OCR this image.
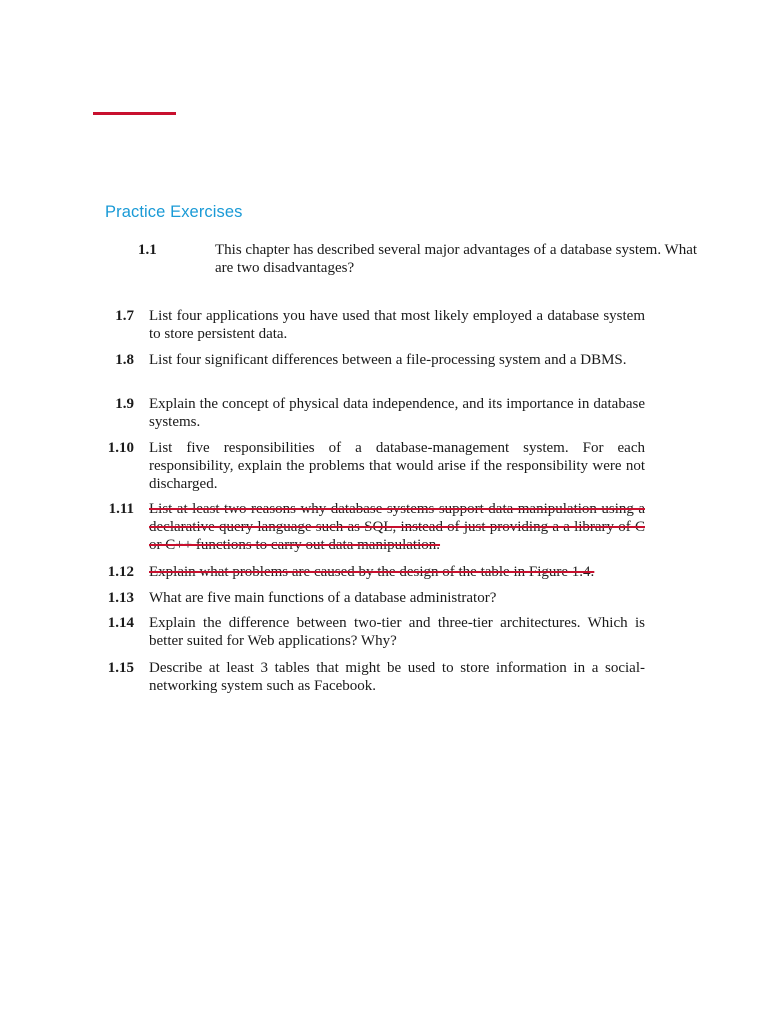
Practice Exercises
1.1	This chapter has described several major advantages of a database system. What are two disadvantages?
1.7 List four applications you have used that most likely employed a database system to store persistent data.
1.8 List four significant differences between a file-processing system and a DBMS.
1.9 Explain the concept of physical data independence, and its importance in database systems.
1.10 List five responsibilities of a database-management system. For each responsibility, explain the problems that would arise if the responsibility were not discharged.
1.11 List at least two reasons why database systems support data manipulation using a declarative query language such as SQL, instead of just providing a a library of C or C++ functions to carry out data manipulation.
1.12 Explain what problems are caused by the design of the table in Figure 1.4.
1.13 What are five main functions of a database administrator?
1.14 Explain the difference between two-tier and three-tier architectures. Which is better suited for Web applications? Why?
1.15 Describe at least 3 tables that might be used to store information in a social-networking system such as Facebook.
